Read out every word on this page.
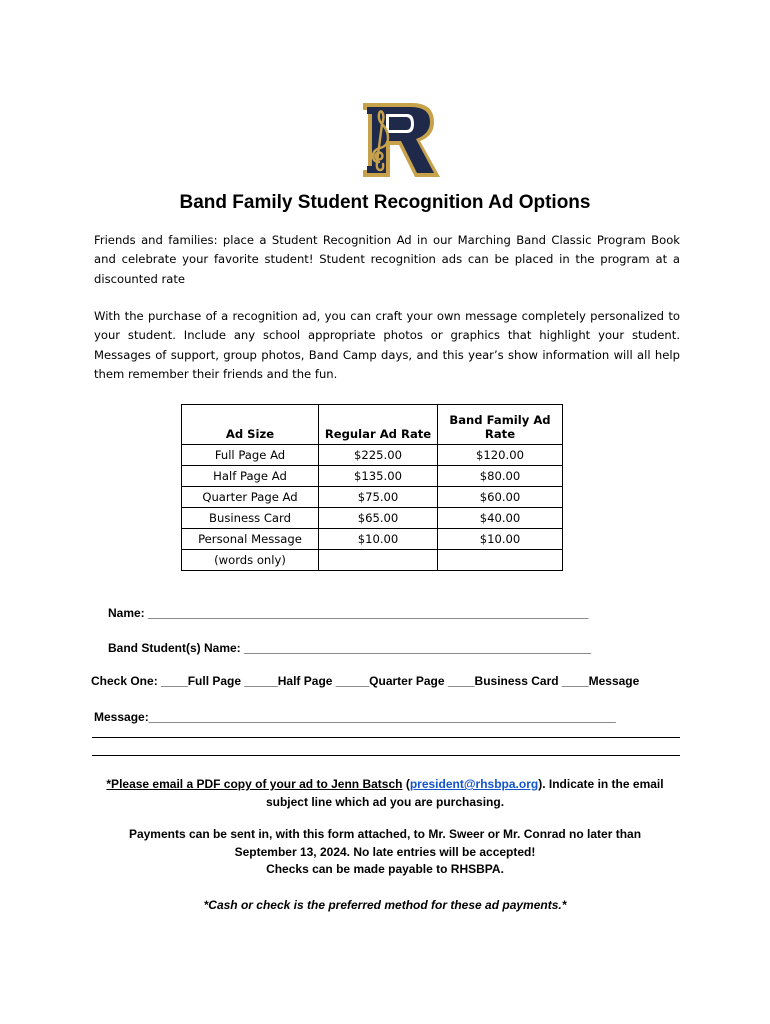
Band Family Student Recognition Ad Options

Friends and families: place a Student Recognition Ad in our Marching Band Classic Program Book and celebrate your favorite student! Student recognition ads can be placed in the program at a discounted rate

With the purchase of a recognition ad, you can craft your own message completely personalized to your student. Include any school appropriate photos or graphics that highlight your student. Messages of support, group photos, Band Camp days, and this year’s show information will all help them remember their friends and the fun.

Ad Size	Regular Ad Rate	Band Family Ad Rate
Full Page Ad	$225.00	$120.00
Half Page Ad	$135.00	$80.00
Quarter Page Ad	$75.00	$60.00
Business Card	$65.00	$40.00
Personal Message	$10.00	$10.00
(words only)		
Name: __________________________________________________________________
Band Student(s) Name: ____________________________________________________
Check One: ____Full Page _____Half Page _____Quarter Page ____Business Card ____Message
Message:______________________________________________________________________
*Please email a PDF copy of your ad to Jenn Batsch (president@rhsbpa.org). Indicate in the email
subject line which ad you are purchasing.
Payments can be sent in, with this form attached, to Mr. Sweer or Mr. Conrad no later than
September 13, 2024. No late entries will be accepted!
Checks can be made payable to RHSBPA.
*Cash or check is the preferred method for these ad payments.*
